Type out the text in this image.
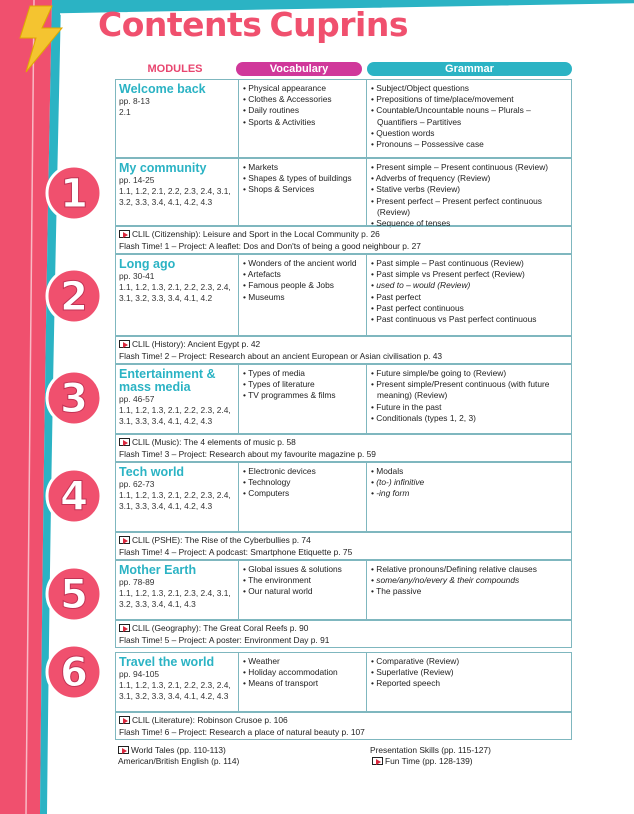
Contents Cuprins
MODULES	Vocabulary	Grammar
1
2
3
4
5
6
Welcome back
pp. 8-13
2.1
• Physical appearance
• Clothes & Accessories
• Daily routines
• Sports & Activities
• Subject/Object questions
• Prepositions of time/place/movement
• Countable/Uncountable nouns – Plurals – Quantifiers – Partitives
• Question words
• Pronouns – Possessive case
My community
pp. 14-25
1.1, 1.2, 2.1, 2.2, 2.3, 2.4, 3.1, 3.2, 3.3, 3.4, 4.1, 4.2, 4.3
• Markets
• Shapes & types of buildings
• Shops & Services
• Present simple – Present continuous (Review)
• Adverbs of frequency (Review)
• Stative verbs (Review)
• Present perfect – Present perfect continuous (Review)
• Sequence of tenses
CLIL (Citizenship): Leisure and Sport in the Local Community p. 26
Flash Time! 1 – Project: A leaflet: Dos and Don'ts of being a good neighbour p. 27
Long ago
pp. 30-41
1.1, 1.2, 1.3, 2.1, 2.2, 2.3, 2.4, 3.1, 3.2, 3.3, 3.4, 4.1, 4.2
• Wonders of the ancient world
• Artefacts
• Famous people & Jobs
• Museums
• Past simple – Past continuous (Review)
• Past simple vs Present perfect (Review)
• used to – would (Review)
• Past perfect
• Past perfect continuous
• Past continuous vs Past perfect continuous
CLIL (History): Ancient Egypt p. 42
Flash Time! 2 – Project: Research about an ancient European or Asian civilisation p. 43
Entertainment & mass media
pp. 46-57
1.1, 1.2, 1.3, 2.1, 2.2, 2.3, 2.4, 3.1, 3.3, 3.4, 4.1, 4.2, 4.3
• Types of media
• Types of literature
• TV programmes & films
• Future simple/be going to (Review)
• Present simple/Present continuous (with future meaning) (Review)
• Future in the past
• Conditionals (types 1, 2, 3)
CLIL (Music): The 4 elements of music p. 58
Flash Time! 3 – Project: Research about my favourite magazine p. 59
Tech world
pp. 62-73
1.1, 1.2, 1.3, 2.1, 2.2, 2.3, 2.4, 3.1, 3.3, 3.4, 4.1, 4.2, 4.3
• Electronic devices
• Technology
• Computers
• Modals
• (to-) infinitive
• -ing form
CLIL (PSHE): The Rise of the Cyberbullies p. 74
Flash Time! 4 – Project: A podcast: Smartphone Etiquette p. 75
Mother Earth
pp. 78-89
1.1, 1.2, 1.3, 2.1, 2.3, 2.4, 3.1, 3.2, 3.3, 3.4, 4.1, 4.3
• Global issues & solutions
• The environment
• Our natural world
• Relative pronouns/Defining relative clauses
• some/any/no/every & their compounds
• The passive
CLIL (Geography): The Great Coral Reefs p. 90
Flash Time! 5 – Project: A poster: Environment Day p. 91
Travel the world
pp. 94-105
1.1, 1.2, 1.3, 2.1, 2.2, 2.3, 2.4, 3.1, 3.2, 3.3, 3.4, 4.1, 4.2, 4.3
• Weather
• Holiday accommodation
• Means of transport
• Comparative (Review)
• Superlative (Review)
• Reported speech
CLIL (Literature): Robinson Crusoe p. 106
Flash Time! 6 – Project: Research a place of natural beauty p. 107
World Tales (pp. 110-113)
American/British English (p. 114)
Presentation Skills (pp. 115-127)
Fun Time (pp. 128-139)
